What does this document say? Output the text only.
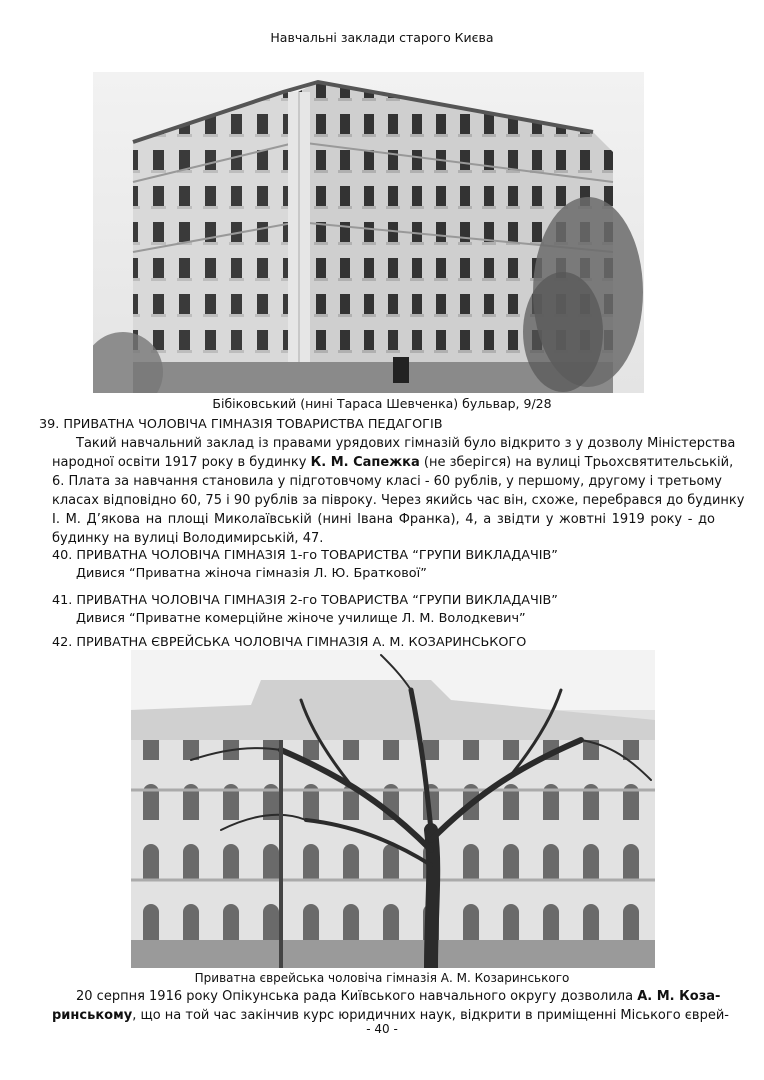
Навчальні заклади старого Києва
Бібіковський (нині Тараса Шевченка) бульвар, 9/28
39. ПРИВАТНА ЧОЛОВІЧА ГІМНАЗІЯ ТОВАРИСТВА ПЕДАГОГІВ
Такий навчальний заклад із правами урядових гімназій було відкрито з у дозволу Міністерства
народної освіти 1917 року в будинку К. М. Сапежка (не зберігся) на вулиці Трьохсвятительській,
6. Плата за навчання становила у підготовчому класі - 60 рублів, у першому, другому і третьому
класах відповідно 60, 75 і 90 рублів за півроку. Через якийсь час він, схоже, перебрався до будинку
І. М. Д’якова на площі Миколаївській (нині Івана Франка), 4, а звідти у жовтні 1919 року - до
будинку на вулиці Володимирській, 47.
40. ПРИВАТНА ЧОЛОВІЧА ГІМНАЗІЯ 1-го ТОВАРИСТВА “ГРУПИ ВИКЛАДАЧІВ”
Дивися “Приватна жіноча гімназія Л. Ю. Браткової”
41. ПРИВАТНА ЧОЛОВІЧА ГІМНАЗІЯ 2-го ТОВАРИСТВА “ГРУПИ ВИКЛАДАЧІВ”
Дивися “Приватне комерційне жіноче училище Л. М. Володкевич”
42. ПРИВАТНА ЄВРЕЙСЬКА ЧОЛОВІЧА ГІМНАЗІЯ А. М. КОЗАРИНСЬКОГО
Приватна єврейська чоловіча гімназія А. М. Козаринського
20 серпня 1916 року Опікунська рада Київського навчального округу дозволила А. М. Коза-
ринському, що на той час закінчив курс юридичних наук, відкрити в приміщенні Міського єврей-
- 40 -
